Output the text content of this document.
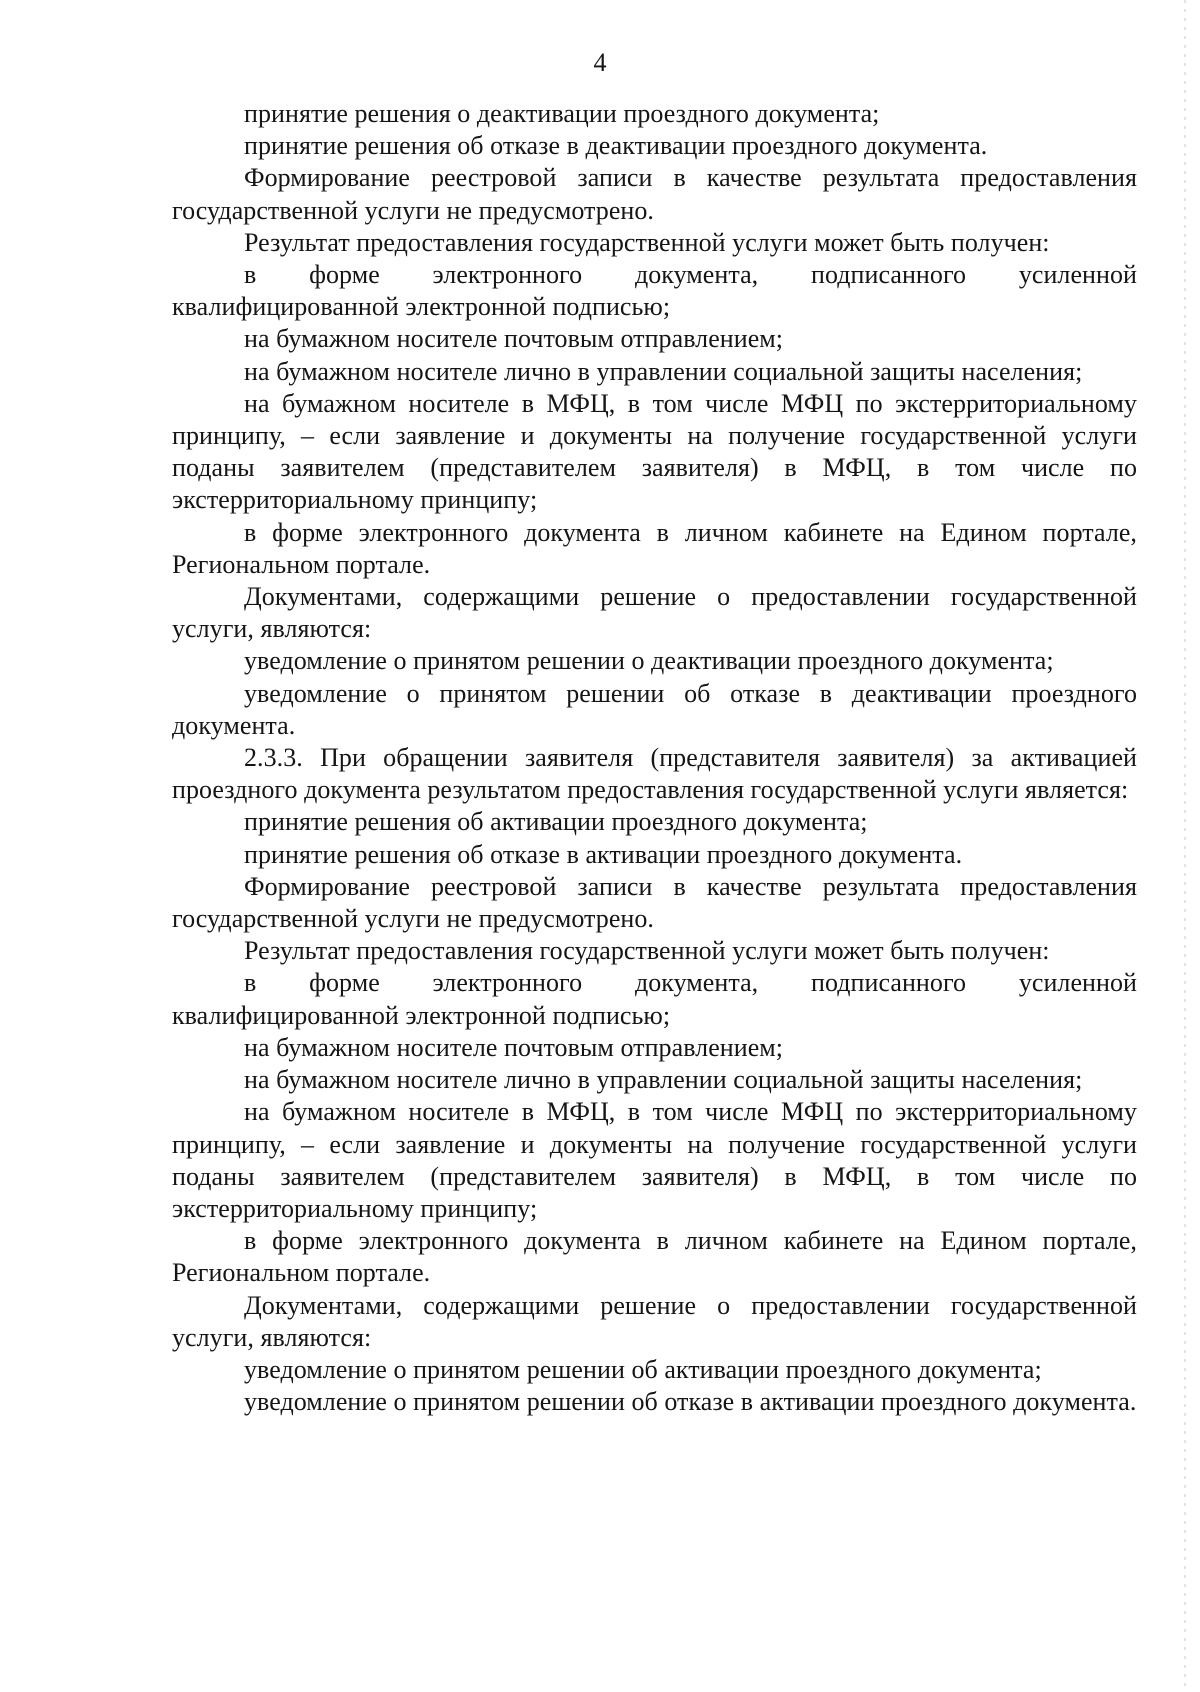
4

принятие решения о деактивации проездного документа;

принятие решения об отказе в деактивации проездного документа.

Формирование реестровой записи в качестве результата предоставления государственной услуги не предусмотрено.

Результат предоставления государственной услуги может быть получен:

в форме электронного документа, подписанного усиленной квалифицированной электронной подписью;

на бумажном носителе почтовым отправлением;

на бумажном носителе лично в управлении социальной защиты населения;

на бумажном носителе в МФЦ, в том числе МФЦ по экстерриториальному принципу, – если заявление и документы на получение государственной услуги поданы заявителем (представителем заявителя) в МФЦ, в том числе по экстерриториальному принципу;

в форме электронного документа в личном кабинете на Едином портале, Региональном портале.

Документами, содержащими решение о предоставлении государственной услуги, являются:

уведомление о принятом решении о деактивации проездного документа;

уведомление о принятом решении об отказе в деактивации проездного документа.

2.3.3. При обращении заявителя (представителя заявителя) за активацией проездного документа результатом предоставления государственной услуги является:

принятие решения об активации проездного документа;

принятие решения об отказе в активации проездного документа.

Формирование реестровой записи в качестве результата предоставления государственной услуги не предусмотрено.

Результат предоставления государственной услуги может быть получен:

в форме электронного документа, подписанного усиленной квалифицированной электронной подписью;

на бумажном носителе почтовым отправлением;

на бумажном носителе лично в управлении социальной защиты населения;

на бумажном носителе в МФЦ, в том числе МФЦ по экстерриториальному принципу, – если заявление и документы на получение государственной услуги поданы заявителем (представителем заявителя) в МФЦ, в том числе по экстерриториальному принципу;

в форме электронного документа в личном кабинете на Едином портале, Региональном портале.

Документами, содержащими решение о предоставлении государственной услуги, являются:

уведомление о принятом решении об активации проездного документа;

уведомление о принятом решении об отказе в активации проездного документа.
